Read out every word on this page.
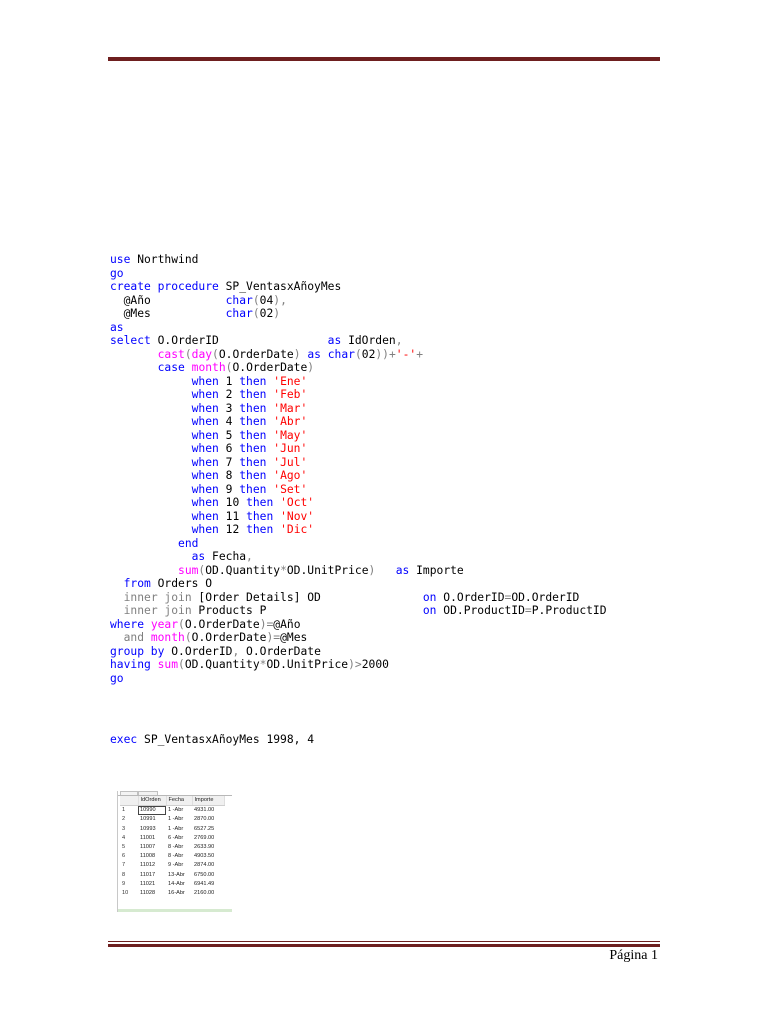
use Northwind
go
create procedure SP_VentasxAñoyMes
@Año           char(04),
@Mes           char(02)
as
select O.OrderID                as IdOrden,
cast(day(O.OrderDate) as char(02))+'-'+
case month(O.OrderDate)
when 1 then 'Ene'
when 2 then 'Feb'
when 3 then 'Mar'
when 4 then 'Abr'
when 5 then 'May'
when 6 then 'Jun'
when 7 then 'Jul'
when 8 then 'Ago'
when 9 then 'Set'
when 10 then 'Oct'
when 11 then 'Nov'
when 12 then 'Dic'
end
as Fecha,
sum(OD.Quantity*OD.UnitPrice) as Importe
from Orders O
inner join [Order Details] OD               on O.OrderID=OD.OrderID
inner join Products P                       on OD.ProductID=P.ProductID
where year(O.OrderDate)=@Año
and month(O.OrderDate)=@Mes
group by O.OrderID, O.OrderDate
having sum(OD.Quantity*OD.UnitPrice)>2000
go
exec SP_VentasxAñoyMes 1998, 4
	IdOrden	Fecha	Importe
1	10990	1 -Abr	4931.00
2	10991	1 -Abr	2870.00
3	10993	1 -Abr	6527.25
4	11001	6 -Abr	2769.00
5	11007	8 -Abr	2633.90
6	11008	8 -Abr	4903.50
7	11012	9 -Abr	2874.00
8	11017	13-Abr	6750.00
9	11021	14-Abr	6941.49
10	11028	16-Abr	2160.00
Página 1
